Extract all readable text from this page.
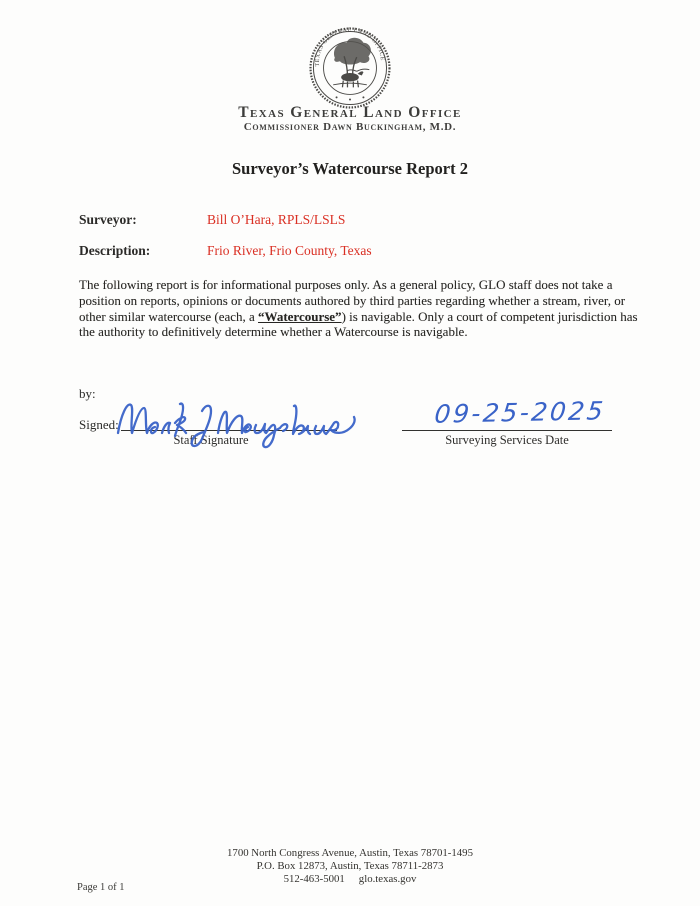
TEXAS GENERAL LAND OFFICE
Texas General Land Office
Commissioner Dawn Buckingham, M.D.
Surveyor’s Watercourse Report 2
Surveyor:	Bill O’Hara, RPLS/LSLS
Description:	Frio River, Frio County, Texas

The following report is for informational purposes only. As a general policy, GLO staff does not take a position on reports, opinions or documents authored by third parties regarding whether a stream, river, or other similar watercourse (each, a “Watercourse”) is navigable. Only a court of competent jurisdiction has the authority to definitively determine whether a Watercourse is navigable.

by:
Signed:	09-25-2025
Staff Signature	Surveying Services Date
1700 North Congress Avenue, Austin, Texas 78701-1495
P.O. Box 12873, Austin, Texas 78711-2873
512-463-5001 glo.texas.gov
Page 1 of 1
